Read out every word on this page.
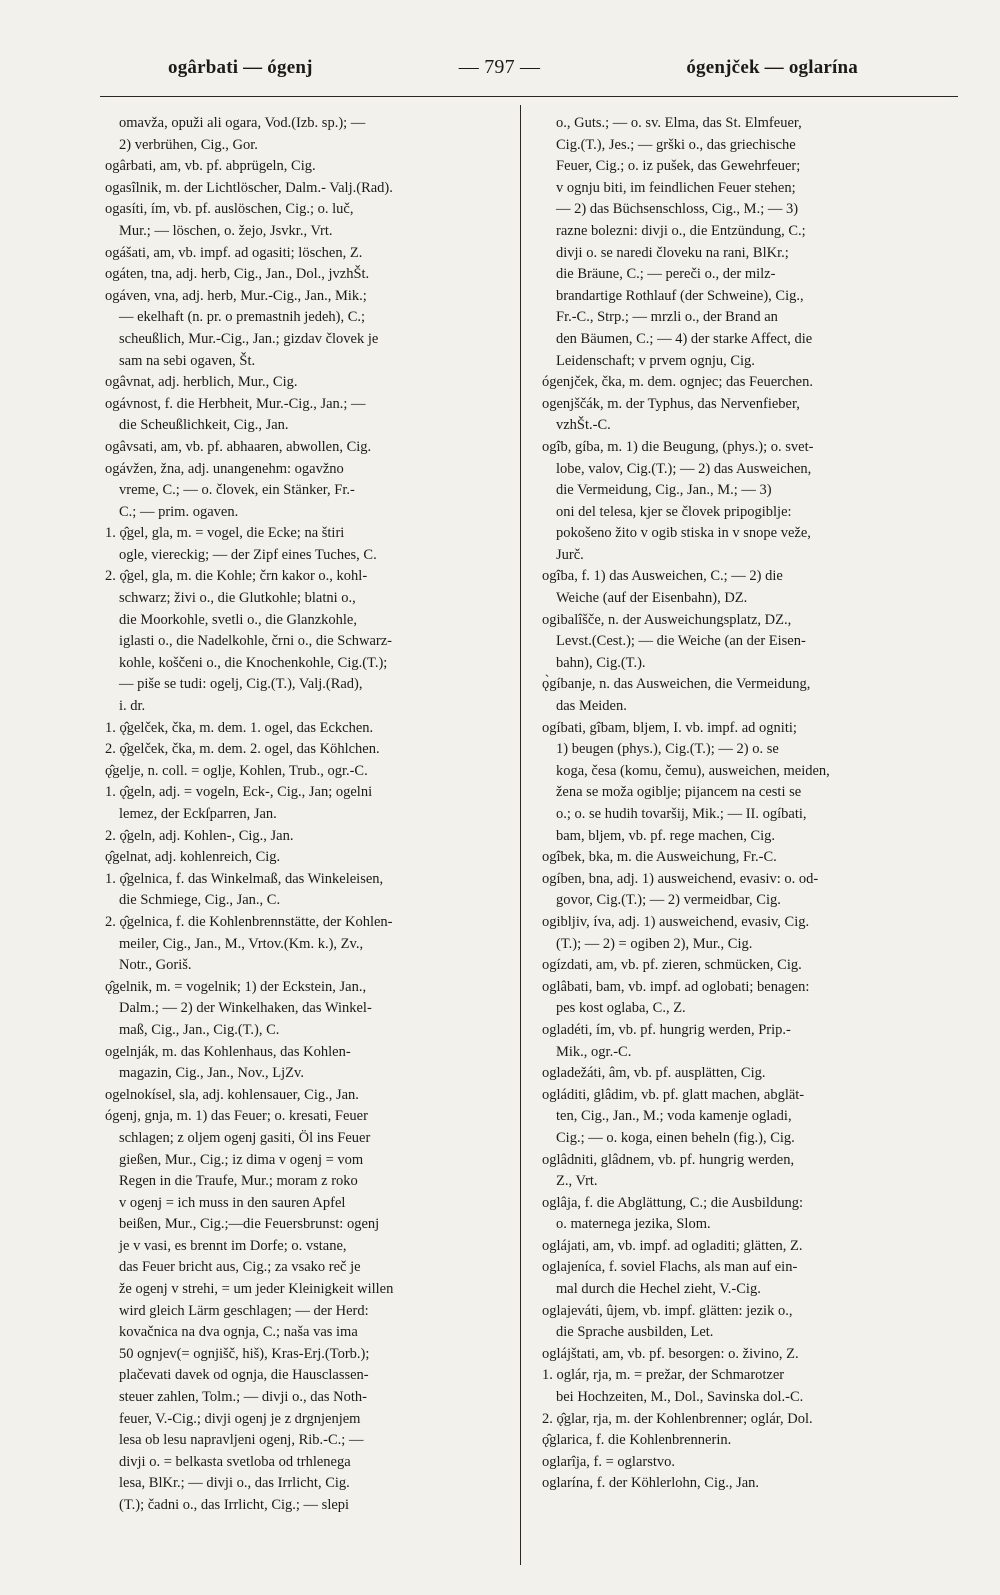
ogârbati — ógenj	— 797 —	ógenjček — oglarína
omavža, opuži ali ogara, Vod.(Izb. sp.); —
2) verbrühen, Cig., Gor.
ogârbati, am, vb. pf. abprügeln, Cig.
ogasîlnik, m. der Lichtlöscher, Dalm.- Valj.(Rad).
ogasíti, ím, vb. pf. auslöschen, Cig.; o. luč,
Mur.; — löschen, o. žejo, Jsvkr., Vrt.
ogášati, am, vb. impf. ad ogasiti; löschen, Z.
ogáten, tna, adj. herb, Cig., Jan., Dol., jvzhŠt.
ogáven, vna, adj. herb, Mur.-Cig., Jan., Mik.;
— ekelhaft (n. pr. o premastnih jedeh), C.;
scheußlich, Mur.-Cig., Jan.; gizdav človek je
sam na sebi ogaven, Št.
ogâvnat, adj. herblich, Mur., Cig.
ogávnost, f. die Herbheit, Mur.-Cig., Jan.; —
die Scheußlichkeit, Cig., Jan.
ogâvsati, am, vb. pf. abhaaren, abwollen, Cig.
ogávžen, žna, adj. unangenehm: ogavžno
vreme, C.; — o. človek, ein Stänker, Fr.-
C.; — prim. ogaven.
1. ǫ̂gel, gla, m. = vogel, die Ecke; na štiri
ogle, viereckig; — der Zipf eines Tuches, C.
2. ǫ̂gel, gla, m. die Kohle; črn kakor o., kohl-
schwarz; živi o., die Glutkohle; blatni o.,
die Moorkohle, svetli o., die Glanzkohle,
iglasti o., die Nadelkohle, črni o., die Schwarz-
kohle, koščeni o., die Knochenkohle, Cig.(T.);
— piše se tudi: ogelj, Cig.(T.), Valj.(Rad),
i. dr.
1. ǫ̂gelček, čka, m. dem. 1. ogel, das Eckchen.
2. ǫ̂gelček, čka, m. dem. 2. ogel, das Köhlchen.
ǫ̂gelje, n. coll. = oglje, Kohlen, Trub., ogr.-C.
1. ǫ̂geln, adj. = vogeln, Eck-, Cig., Jan; ogelni
lemez, der Eckſparren, Jan.
2. ǫ̂geln, adj. Kohlen-, Cig., Jan.
ǫ̂gelnat, adj. kohlenreich, Cig.
1. ǫ̂gelnica, f. das Winkelmaß, das Winkeleisen,
die Schmiege, Cig., Jan., C.
2. ǫ̂gelnica, f. die Kohlenbrennstätte, der Kohlen-
meiler, Cig., Jan., M., Vrtov.(Km. k.), Zv.,
Notr., Goriš.
ǫ̂gelnik, m. = vogelnik; 1) der Eckstein, Jan.,
Dalm.; — 2) der Winkelhaken, das Winkel-
maß, Cig., Jan., Cig.(T.), C.
ogelnják, m. das Kohlenhaus, das Kohlen-
magazin, Cig., Jan., Nov., LjZv.
ogelnokísel, sla, adj. kohlensauer, Cig., Jan.
ógenj, gnja, m. 1) das Feuer; o. kresati, Feuer
schlagen; z oljem ogenj gasiti, Öl ins Feuer
gießen, Mur., Cig.; iz dima v ogenj = vom
Regen in die Traufe, Mur.; moram z roko
v ogenj = ich muss in den sauren Apfel
beißen, Mur., Cig.;—die Feuersbrunst: ogenj
je v vasi, es brennt im Dorfe; o. vstane,
das Feuer bricht aus, Cig.; za vsako reč je
že ogenj v strehi, = um jeder Kleinigkeit willen
wird gleich Lärm geschlagen; — der Herd:
kovačnica na dva ognja, C.; naša vas ima
50 ognjev(= ognjišč, hiš), Kras-Erj.(Torb.);
plačevati davek od ognja, die Hausclassen-
steuer zahlen, Tolm.; — divji o., das Noth-
feuer, V.-Cig.; divji ogenj je z drgnjenjem
lesa ob lesu napravljeni ogenj, Rib.-C.; —
divji o. = belkasta svetloba od trhlenega
lesa, BlKr.; — divji o., das Irrlicht, Cig.
(T.); čadni o., das Irrlicht, Cig.; — slepi
o., Guts.; — o. sv. Elma, das St. Elmfeuer,
Cig.(T.), Jes.; — grški o., das griechische
Feuer, Cig.; o. iz pušek, das Gewehrfeuer;
v ognju biti, im feindlichen Feuer stehen;
— 2) das Büchsenschloss, Cig., M.; — 3)
razne bolezni: divji o., die Entzündung, C.;
divji o. se naredi človeku na rani, BlKr.;
die Bräune, C.; — pereči o., der milz-
brandartige Rothlauf (der Schweine), Cig.,
Fr.-C., Strp.; — mrzli o., der Brand an
den Bäumen, C.; — 4) der starke Affect, die
Leidenschaft; v prvem ognju, Cig.
ógenjček, čka, m. dem. ognjec; das Feuerchen.
ogenjščák, m. der Typhus, das Nervenfieber,
vzhŠt.-C.
ogîb, gíba, m. 1) die Beugung, (phys.); o. svet-
lobe, valov, Cig.(T.); — 2) das Ausweichen,
die Vermeidung, Cig., Jan., M.; — 3)
oni del telesa, kjer se človek pripogiblje:
pokošeno žito v ogib stiska in v snope veže,
Jurč.
ogîba, f. 1) das Ausweichen, C.; — 2) die
Weiche (auf der Eisenbahn), DZ.
ogibalîšče, n. der Ausweichungsplatz, DZ.,
Levst.(Cest.); — die Weiche (an der Eisen-
bahn), Cig.(T.).
ǫ̀gíbanje, n. das Ausweichen, die Vermeidung,
das Meiden.
ogíbati, gîbam, bljem, I. vb. impf. ad ogniti;
1) beugen (phys.), Cig.(T.); — 2) o. se
koga, česa (komu, čemu), ausweichen, meiden,
žena se moža ogiblje; pijancem na cesti se
o.; o. se hudih tovaršij, Mik.; — II. ogíbati,
bam, bljem, vb. pf. rege machen, Cig.
ogîbek, bka, m. die Ausweichung, Fr.-C.
ogíben, bna, adj. 1) ausweichend, evasiv: o. od-
govor, Cig.(T.); — 2) vermeidbar, Cig.
ogibljiv, íva, adj. 1) ausweichend, evasiv, Cig.
(T.); — 2) = ogiben 2), Mur., Cig.
ogízdati, am, vb. pf. zieren, schmücken, Cig.
oglâbati, bam, vb. impf. ad oglobati; benagen:
pes kost oglaba, C., Z.
ogladéti, ím, vb. pf. hungrig werden, Prip.-
Mik., ogr.-C.
ogladežáti, âm, vb. pf. ausplätten, Cig.
ogláditi, glâdim, vb. pf. glatt machen, abglät-
ten, Cig., Jan., M.; voda kamenje ogladi,
Cig.; — o. koga, einen beheln (fig.), Cig.
oglâdniti, glâdnem, vb. pf. hungrig werden,
Z., Vrt.
oglâja, f. die Abglättung, C.; die Ausbildung:
o. maternega jezika, Slom.
ogláјati, am, vb. impf. ad ogladiti; glätten, Z.
oglajeníca, f. soviel Flachs, als man auf ein-
mal durch die Hechel zieht, V.-Cig.
oglajeváti, ûjem, vb. impf. glätten: jezik o.,
die Sprache ausbilden, Let.
ogláјštati, am, vb. pf. besorgen: o. živino, Z.
1. oglár, rja, m. = prežar, der Schmarotzer
bei Hochzeiten, M., Dol., Savinska dol.-C.
2. ǫ̂glar, rja, m. der Kohlenbrenner; oglár, Dol.
ǫ̂glarica, f. die Kohlenbrennerin.
oglarîja, f. = oglarstvo.
oglarína, f. der Köhlerlohn, Cig., Jan.
